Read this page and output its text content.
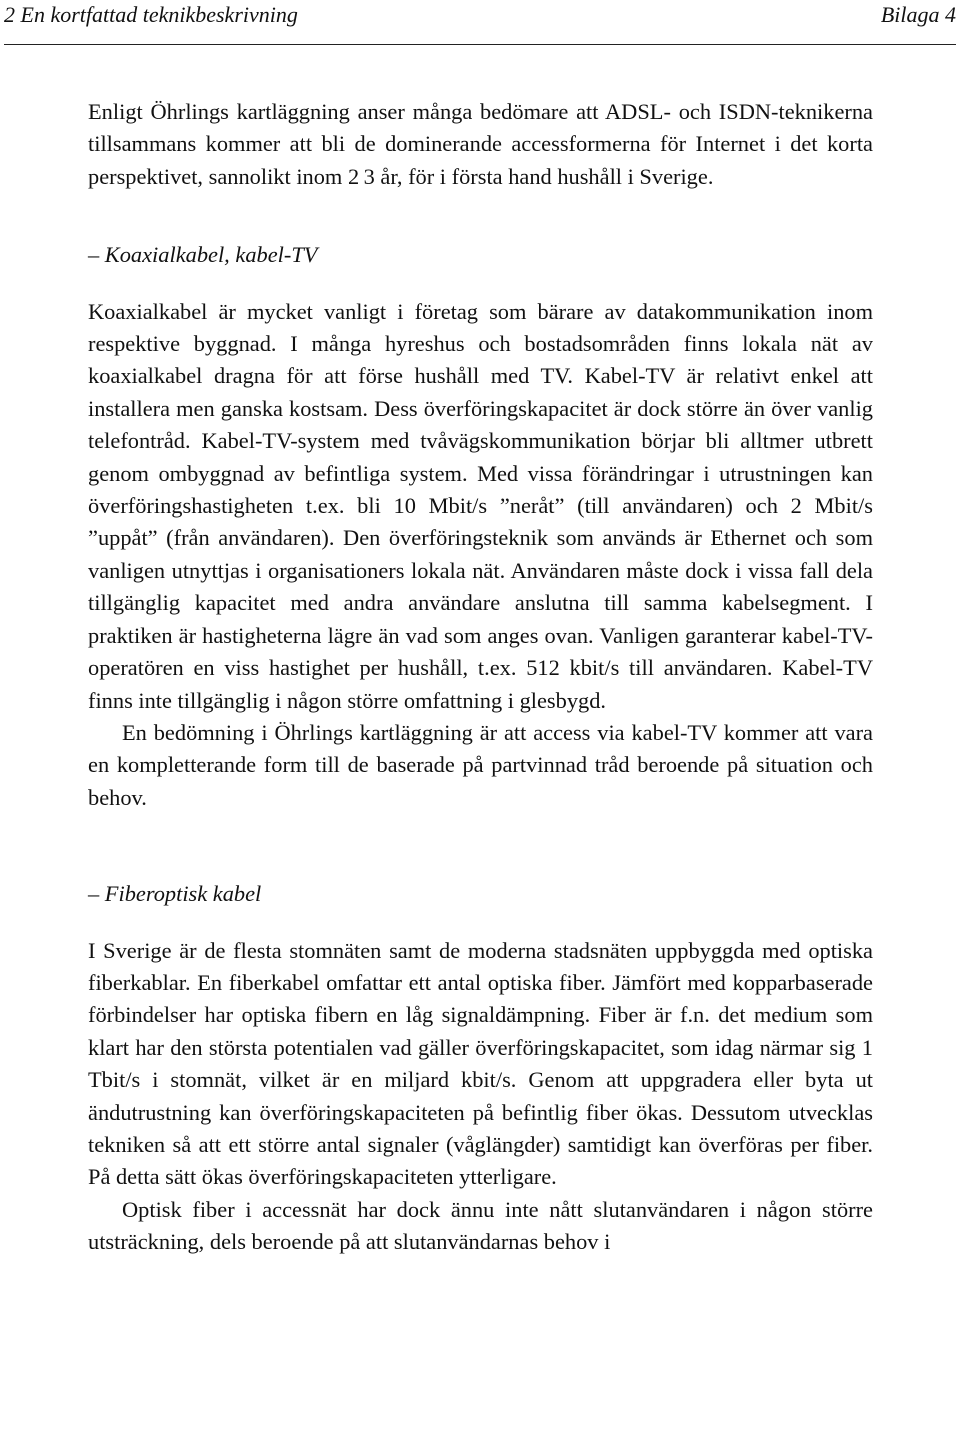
2 En kortfattad teknikbeskrivning	Bilaga 4

Enligt Öhrlings kartläggning anser många bedömare att ADSL- och ISDN-teknikerna tillsammans kommer att bli de dominerande accessformerna för Internet i det korta perspektivet, sannolikt inom 2 3 år, för i första hand hushåll i Sverige.

– Koaxialkabel, kabel-TV

Koaxialkabel är mycket vanligt i företag som bärare av datakommunikation inom respektive byggnad. I många hyreshus och bostadsområden finns lokala nät av koaxialkabel dragna för att förse hushåll med TV. Kabel-TV är relativt enkel att installera men ganska kostsam. Dess överföringskapacitet är dock större än över vanlig telefontråd. Kabel-TV-system med tvåvägskommunikation börjar bli alltmer utbrett genom ombyggnad av befintliga system. Med vissa förändringar i utrustningen kan överföringshastigheten t.ex. bli 10 Mbit/s ”neråt” (till användaren) och 2 Mbit/s ”uppåt” (från användaren). Den överföringsteknik som används är Ethernet och som vanligen utnyttjas i organisationers lokala nät. Användaren måste dock i vissa fall dela tillgänglig kapacitet med andra användare anslutna till samma kabelsegment. I praktiken är hastigheterna lägre än vad som anges ovan. Vanligen garanterar kabel-TV-operatören en viss hastighet per hushåll, t.ex. 512 kbit/s till användaren. Kabel-TV finns inte tillgänglig i någon större omfattning i glesbygd.

En bedömning i Öhrlings kartläggning är att access via kabel-TV kommer att vara en kompletterande form till de baserade på partvinnad tråd beroende på situation och behov.

– Fiberoptisk kabel

I Sverige är de flesta stomnäten samt de moderna stadsnäten uppbyggda med optiska fiberkablar. En fiberkabel omfattar ett antal optiska fiber. Jämfört med kopparbaserade förbindelser har optiska fibern en låg signaldämpning. Fiber är f.n. det medium som klart har den största potentialen vad gäller överföringskapacitet, som idag närmar sig 1 Tbit/s i stomnät, vilket är en miljard kbit/s. Genom att uppgradera eller byta ut ändutrustning kan överföringskapaciteten på befintlig fiber ökas. Dessutom utvecklas tekniken så att ett större antal signaler (våglängder) samtidigt kan överföras per fiber. På detta sätt ökas överföringskapaciteten ytterligare.

Optisk fiber i accessnät har dock ännu inte nått slutanvändaren i någon större utsträckning, dels beroende på att slutanvändarnas behov i
